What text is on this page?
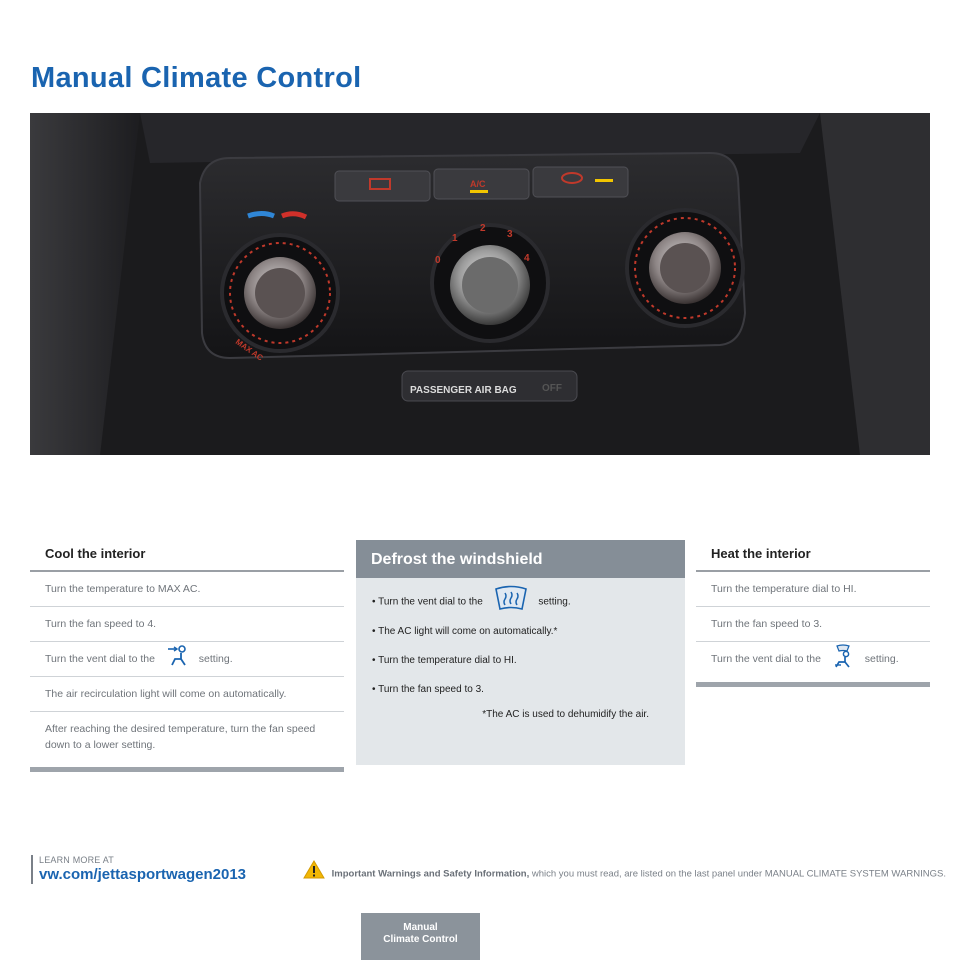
Manual Climate Control
A/C
MAX AC
0
1
2
3
4
PASSENGER AIR BAG	OFF
Cool the interior
Turn the temperature to MAX AC.
Turn the fan speed to 4.
Turn the vent dial to the	setting.
The air recirculation light will come on automatically.
After reaching the desired temperature, turn the fan speed down to a lower setting.
Defrost the windshield
• Turn the vent dial to the	setting.
• The AC light will come on automatically.*
• Turn the temperature dial to HI.
• Turn the fan speed to 3.
*The AC is used to dehumidify the air.
Heat the interior
Turn the temperature dial to HI.
Turn the fan speed to 3.
Turn the vent dial to the	setting.
LEARN MORE AT
vw.com/jettasportwagen2013	Important Warnings and Safety Information, which you must read, are listed on the last panel under MANUAL CLIMATE SYSTEM WARNINGS.
Manual
Climate Control
